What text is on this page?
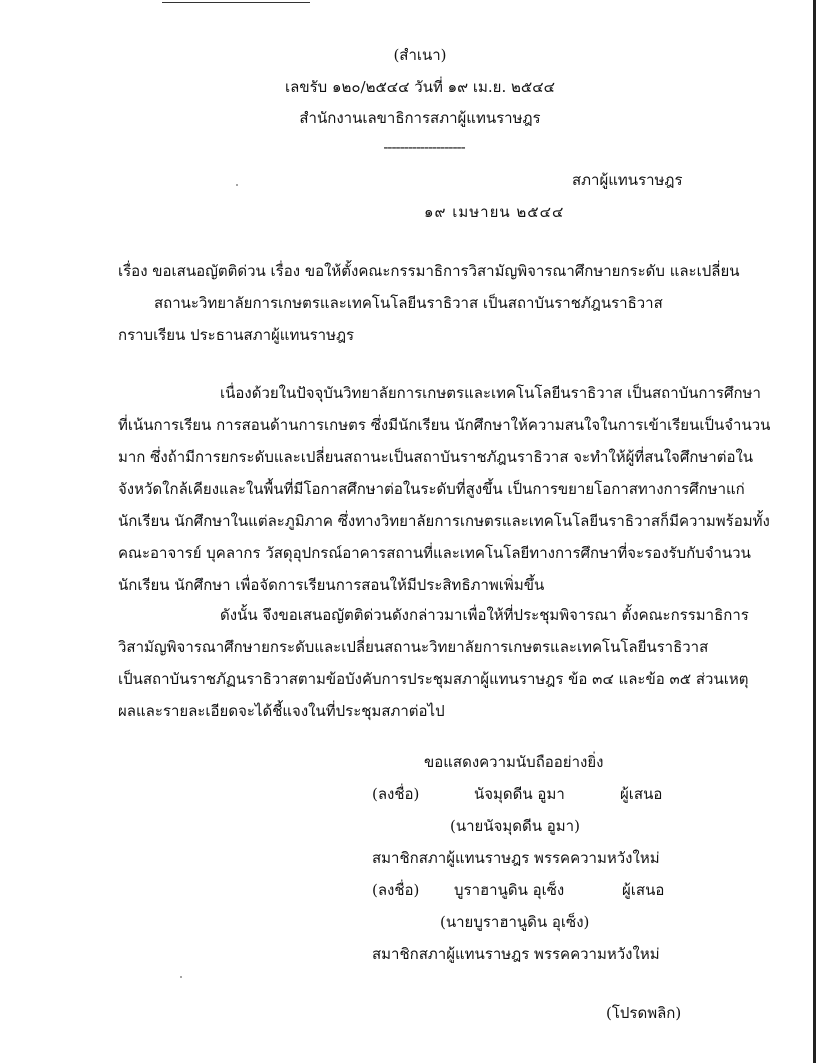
(สำเนา)
เลขรับ ๑๒๐/๒๕๔๔ วันที่ ๑๙ เม.ย. ๒๕๔๔
สำนักงานเลขาธิการสภาผู้แทนราษฎร
--------------------
สภาผู้แทนราษฎร
๑๙ เมษายน ๒๕๔๔
เรื่อง ขอเสนอญัตติด่วน เรื่อง ขอให้ตั้งคณะกรรมาธิการวิสามัญพิจารณาศึกษายกระดับ และเปลี่ยน
สถานะวิทยาลัยการเกษตรและเทคโนโลยีนราธิวาส เป็นสถาบันราชภัฎนราธิวาส
กราบเรียน ประธานสภาผู้แทนราษฎร
เนื่องด้วยในปัจจุบันวิทยาลัยการเกษตรและเทคโนโลยีนราธิวาส เป็นสถาบันการศึกษา
ที่เน้นการเรียน การสอนด้านการเกษตร ซึ่งมีนักเรียน นักศึกษาให้ความสนใจในการเข้าเรียนเป็นจำนวน
มาก ซึ่งถ้ามีการยกระดับและเปลี่ยนสถานะเป็นสถาบันราชภัฎนราธิวาส จะทำให้ผู้ที่สนใจศึกษาต่อใน
จังหวัดใกล้เคียงและในพื้นที่มีโอกาสศึกษาต่อในระดับที่สูงขึ้น เป็นการขยายโอกาสทางการศึกษาแก่
นักเรียน นักศึกษาในแต่ละภูมิภาค ซึ่งทางวิทยาลัยการเกษตรและเทคโนโลยีนราธิวาสก็มีความพร้อมทั้ง
คณะอาจารย์ บุคลากร วัสดุอุปกรณ์อาคารสถานที่และเทคโนโลยีทางการศึกษาที่จะรองรับกับจำนวน
นักเรียน นักศึกษา เพื่อจัดการเรียนการสอนให้มีประสิทธิภาพเพิ่มขึ้น
ดังนั้น จึงขอเสนอญัตติด่วนดังกล่าวมาเพื่อให้ที่ประชุมพิจารณา ตั้งคณะกรรมาธิการ
วิสามัญพิจารณาศึกษายกระดับและเปลี่ยนสถานะวิทยาลัยการเกษตรและเทคโนโลยีนราธิวาส
เป็นสถาบันราชภัฏนราธิวาสตามข้อบังคับการประชุมสภาผู้แทนราษฎร ข้อ ๓๔ และข้อ ๓๕ ส่วนเหตุ
ผลและรายละเอียดจะได้ชี้แจงในที่ประชุมสภาต่อไป
ขอแสดงความนับถืออย่างยิ่ง
(ลงชื่อ)	นัจมุดดีน อูมา	ผู้เสนอ
(นายนัจมุดดีน อูมา)
สมาชิกสภาผู้แทนราษฎร พรรคความหวังใหม่
(ลงชื่อ) บูราฮานูดิน อุเซ็ง	ผู้เสนอ
(นายบูราฮานูดิน อุเซ็ง)
สมาชิกสภาผู้แทนราษฎร พรรคความหวังใหม่
(โปรดพลิก)
